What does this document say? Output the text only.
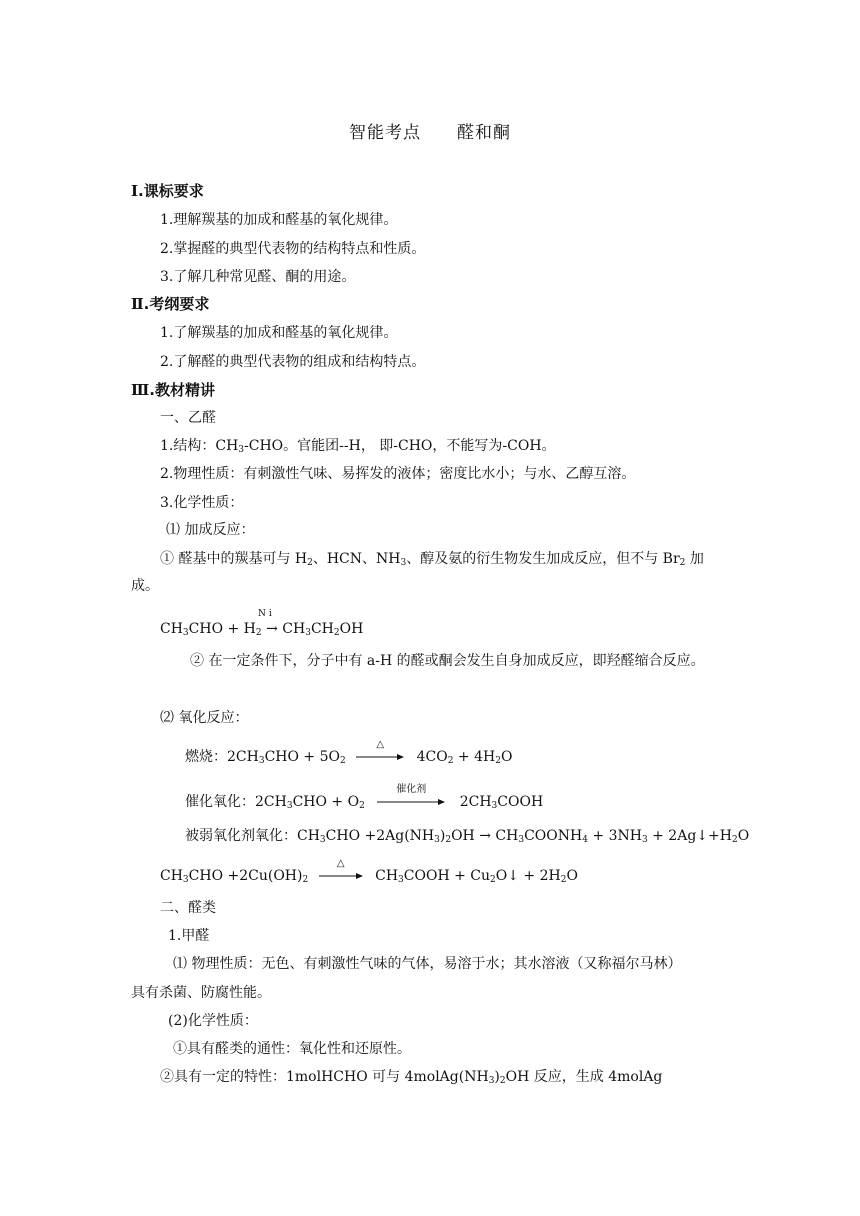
智能考点 醛和酮
Ⅰ.课标要求
1.理解羰基的加成和醛基的氧化规律。
2.掌握醛的典型代表物的结构特点和性质。
3.了解几种常见醛、酮的用途。
Ⅱ.考纲要求
1.了解羰基的加成和醛基的氧化规律。
2.了解醛的典型代表物的组成和结构特点。
Ⅲ.教材精讲
一、乙醛
1.结构：$CH_3$-CHO。官能团--H， 即-CHO，不能写为-COH。
2.物理性质：有刺激性气味、易挥发的液体；密度比水小；与水、乙醇互溶。
3.化学性质：
⑴ 加成反应：
① 醛基中的羰基可与 $H_2$、HCN、$NH_3$、醇及氨的衍生物发生加成反应，但不与 $Br_2$ 加
成。
Ni
$CH_3CHO + H_2 \to CH_3CH_2OH$
② 在一定条件下，分子中有 a-H 的醛或酮会发生自身加成反应，即羟醛缩合反应。
⑵ 氧化反应：
燃烧：$2CH_3CHO + 5O_2$
△
$4CO_2 + 4H_2O$
催化氧化：$2CH_3CHO + O_2$
催化剂
$2CH_3COOH$
被弱氧化剂氧化：$CH_3CHO +2Ag(NH_3)_2OH$ → $CH_3COONH_4 + 3NH_3$ + $2Ag↓+H_2O$
$CH_3CHO +2Cu(OH)_2$
△
$CH_3COOH$ + $Cu_2O↓ + 2H_2O$
二、醛类
1.甲醛
⑴ 物理性质：无色、有刺激性气味的气体，易溶于水；其水溶液（又称福尔马林）
具有杀菌、防腐性能。
(2)化学性质：
①具有醛类的通性：氧化性和还原性。
②具有一定的特性：1molHCHO 可与 $4molAg(NH_3)_2OH$ 反应，生成 4molAg
